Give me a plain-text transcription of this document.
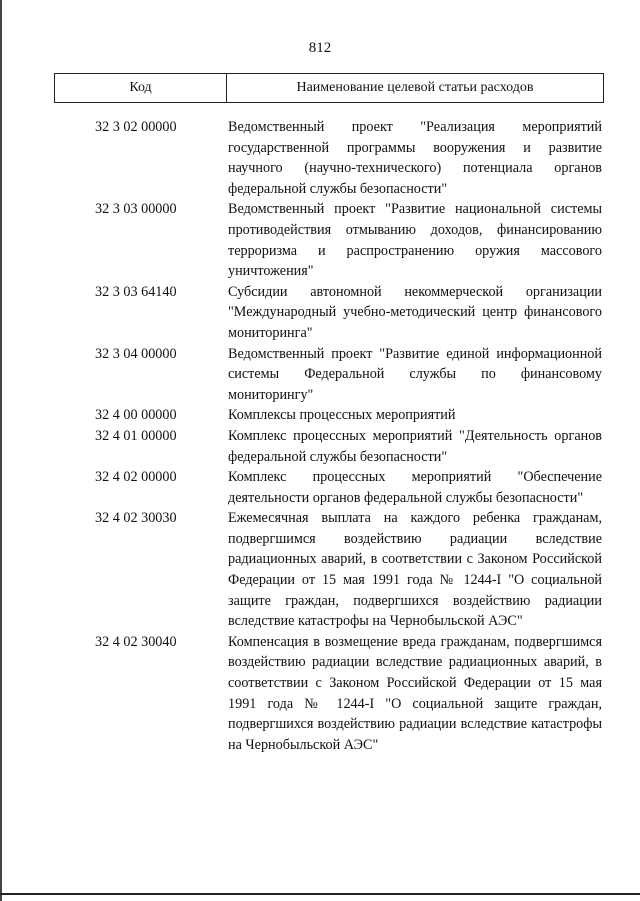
812
Код	Наименование целевой статьи расходов
32 3 02 00000	Ведомственный проект "Реализация мероприятий государственной программы вооружения и развитие научного (научно-технического) потенциала органов федеральной службы безопасности"
32 3 03 00000	Ведомственный проект "Развитие национальной системы противодействия отмыванию доходов, финансированию терроризма и распространению оружия массового уничтожения"
32 3 03 64140	Субсидии автономной некоммерческой организации "Международный учебно-методический центр финансового мониторинга"
32 3 04 00000	Ведомственный проект "Развитие единой информационной системы Федеральной службы по финансовому мониторингу"
32 4 00 00000	Комплексы процессных мероприятий
32 4 01 00000	Комплекс процессных мероприятий "Деятельность органов федеральной службы безопасности"
32 4 02 00000	Комплекс процессных мероприятий "Обеспечение деятельности органов федеральной службы безопасности"
32 4 02 30030	Ежемесячная выплата на каждого ребенка гражданам, подвергшимся воздействию радиации вследствие радиационных аварий, в соответствии с Законом Российской Федерации от 15 мая 1991 года № 1244-I "О социальной защите граждан, подвергшихся воздействию радиации вследствие катастрофы на Чернобыльской АЭС"
32 4 02 30040	Компенсация в возмещение вреда гражданам, подвергшимся воздействию радиации вследствие радиационных аварий, в соответствии с Законом Российской Федерации от 15 мая 1991 года № 1244-I "О социальной защите граждан, подвергшихся воздействию радиации вследствие катастрофы на Чернобыльской АЭС"
